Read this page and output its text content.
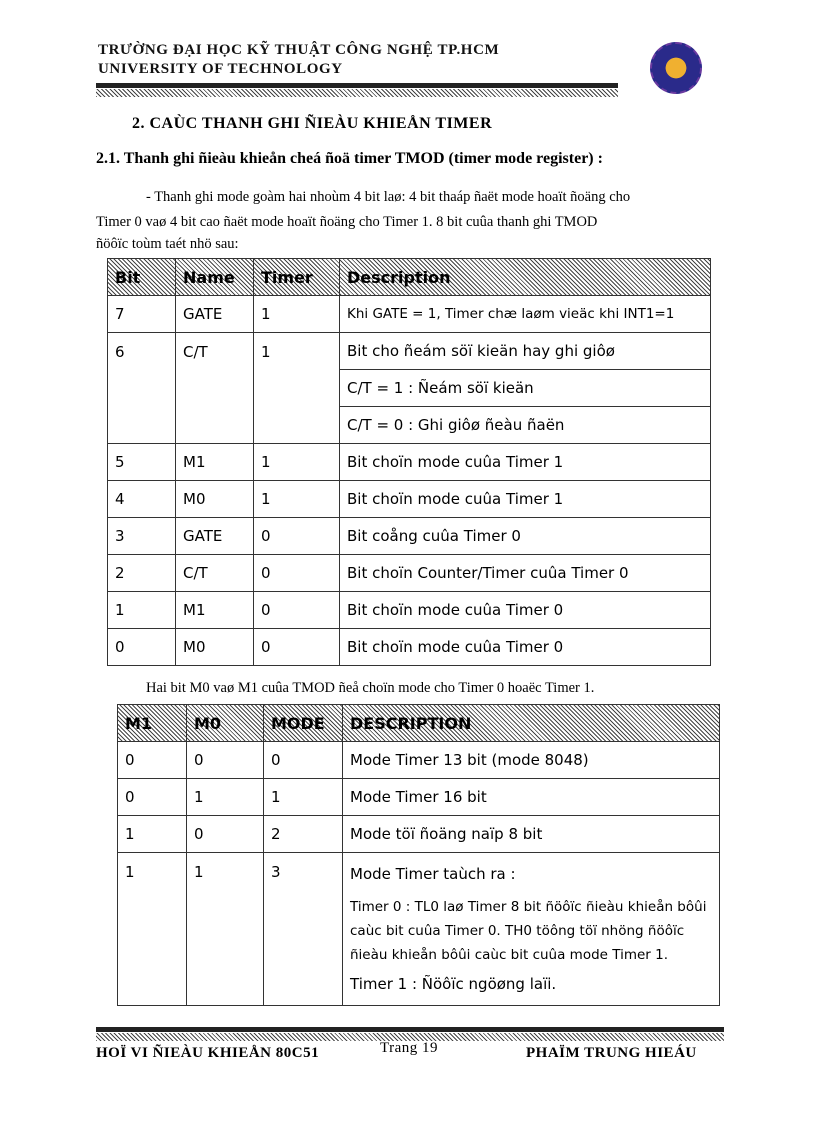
TRƯỜNG ĐẠI HỌC KỸ THUẬT CÔNG NGHỆ TP.HCM
UNIVERSITY OF TECHNOLOGY
2. CAÙC THANH GHI ÑIEÀU KHIEÅN TIMER
2.1. Thanh ghi ñieàu khieån cheá ñoä timer TMOD (timer mode register) :
- Thanh ghi mode goàm hai nhoùm 4 bit laø: 4 bit thaáp ñaët mode hoaït ñoäng cho
Timer 0 vaø 4 bit cao ñaët mode hoaït ñoäng cho Timer 1. 8 bit cuûa thanh ghi TMOD
ñöôïc toùm taét nhö sau:
Bit	Name	Timer	Description
7	GATE	1	Khi GATE = 1, Timer chæ laøm vieäc khi INT1=1
6	C/T	1	Bit cho ñeám söï kieän hay ghi giôø
			C/T = 1 : Ñeám söï kieän
			C/T = 0 : Ghi giôø ñeàu ñaën
5	M1	1	Bit choïn mode cuûa Timer 1
4	M0	1	Bit choïn mode cuûa Timer 1
3	GATE	0	Bit coång cuûa Timer 0
2	C/T	0	Bit choïn Counter/Timer cuûa Timer 0
1	M1	0	Bit choïn mode cuûa Timer 0
0	M0	0	Bit choïn mode cuûa Timer 0
Hai bit M0 vaø M1 cuûa TMOD ñeå choïn mode cho Timer 0 hoaëc Timer 1.
M1	M0	MODE	DESCRIPTION
0	0	0	Mode Timer 13 bit (mode 8048)
0	1	1	Mode Timer 16 bit
1	0	2	Mode töï ñoäng naïp 8 bit
1	1	3	Mode Timer taùch ra :
Timer 0 : TL0 laø Timer 8 bit ñöôïc ñieàu khieån bôûi
caùc bit cuûa Timer 0. TH0 töông töï nhöng ñöôïc
ñieàu khieån bôûi caùc bit cuûa mode Timer 1.
Timer 1 : Ñöôïc ngöøng laïi.
HOÏ VI ÑIEÀU KHIEÅN 80C51	Trang 19	PHAÏM TRUNG HIEÁU
